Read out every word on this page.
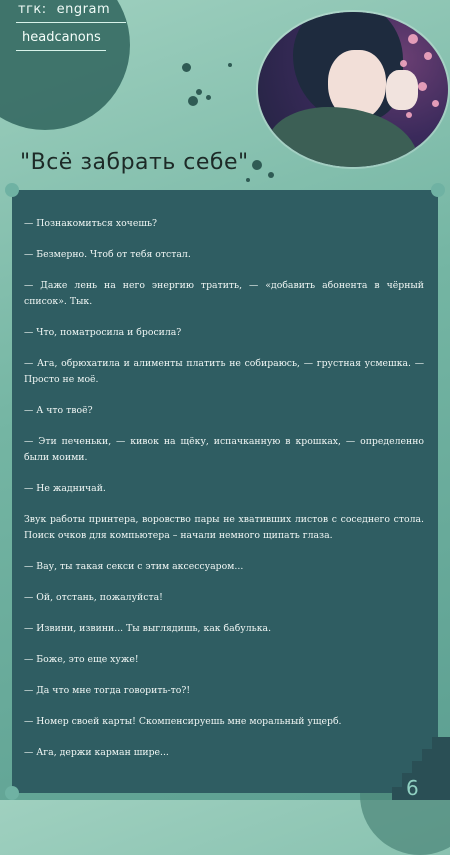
тгк: engram
headcanons
"Всё забрать себе"

— Познакомиться хочешь?

— Безмерно. Чтоб от тебя отстал.

— Даже лень на него энергию тратить, — «добавить абонента в чёрный список». Тык.

— Что, поматросила и бросила?

— Ага, обрюхатила и алименты платить не собираюсь, — грустная усмешка. — Просто не моё.

— А что твоё?

— Эти печеньки, — кивок на щёку, испачканную в крошках, — определенно были моими.

— Не жадничай.

Звук работы принтера, воровство пары не хвативших листов с соседнего стола. Поиск очков для компьютера – начали немного щипать глаза.

— Вау, ты такая секси с этим аксессуаром...

— Ой, отстань, пожалуйста!

— Извини, извини... Ты выглядишь, как бабулька.

— Боже, это еще хуже!

— Да что мне тогда говорить-то?!

— Номер своей карты! Скомпенсируешь мне моральный ущерб.

— Ага, держи карман шире...

6
